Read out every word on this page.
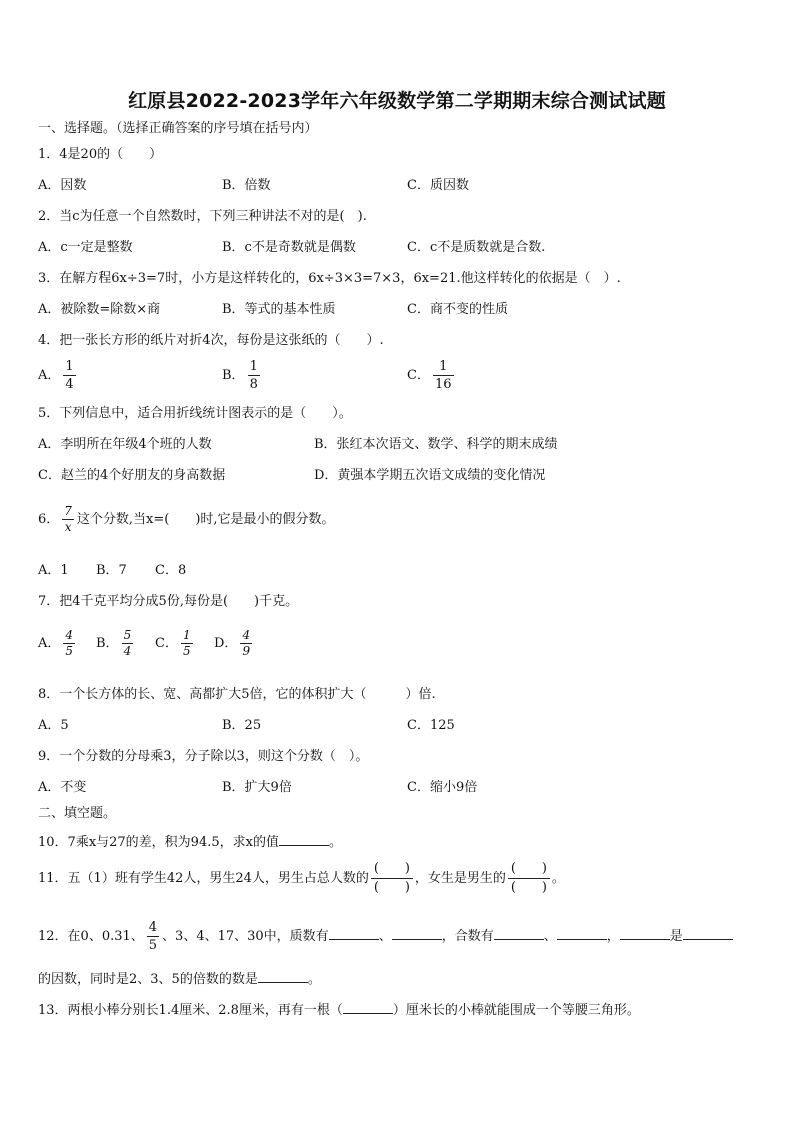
红原县2022-2023学年六年级数学第二学期期末综合测试试题
一、选择题。（选择正确答案的序号填在括号内）
1．4是20的（　　）
A．因数	B．倍数	C．质因数
2．当c为任意一个自然数时，下列三种讲法不对的是(　).
A．c一定是整数	B．c不是奇数就是偶数	C．c不是质数就是合数.
3．在解方程6x÷3=7时，小方是这样转化的，6x÷3×3=7×3，6x=21.他这样转化的依据是（　）.
A．被除数=除数×商	B．等式的基本性质	C．商不变的性质
4．把一张长方形的纸片对折4次，每份是这张纸的（　　）.
A． $\frac{1}{4}$	B． $\frac{1}{8}$	C． $\frac{1}{16}$
5．下列信息中，适合用折线统计图表示的是（　　）。
A．李明所在年级4个班的人数	B．张红本次语文、数学、科学的期末成绩
C．赵兰的4个好朋友的身高数据	D．黄强本学期五次语文成绩的变化情况
6． $\frac{7}{x}$ 这个分数,当x=(　　)时,它是最小的假分数。
A．1 B．7 C．8
7．把4千克平均分成5份,每份是(　　)千克。
A． $\frac{4}{5}$ B． $\frac{5}{4}$ C． $\frac{1}{5}$ D． $\frac{4}{9}$
8．一个长方体的长、宽、高都扩大5倍，它的体积扩大（　　　）倍.
A．5	B．25	C．125
9．一个分数的分母乘3，分子除以3，则这个分数（　）。
A．不变	B．扩大9倍	C．缩小9倍
二、填空题。
10．7乘x与27的差，积为94.5，求x的值	。
11．五（1）班有学生42人，男生24人，男生占总人数的 $\frac{( )}{( )}$ ，女生是男生的 $\frac{( )}{( )}$ 。
12．在0、0.31、 $\frac{4}{5}$ 、3、4、17、30中，质数有	、	，合数有	、	，	是
的因数，同时是2、3、5的倍数的数是	。
13．两根小棒分别长1.4厘米、2.8厘米，再有一根（	）厘米长的小棒就能围成一个等腰三角形。
